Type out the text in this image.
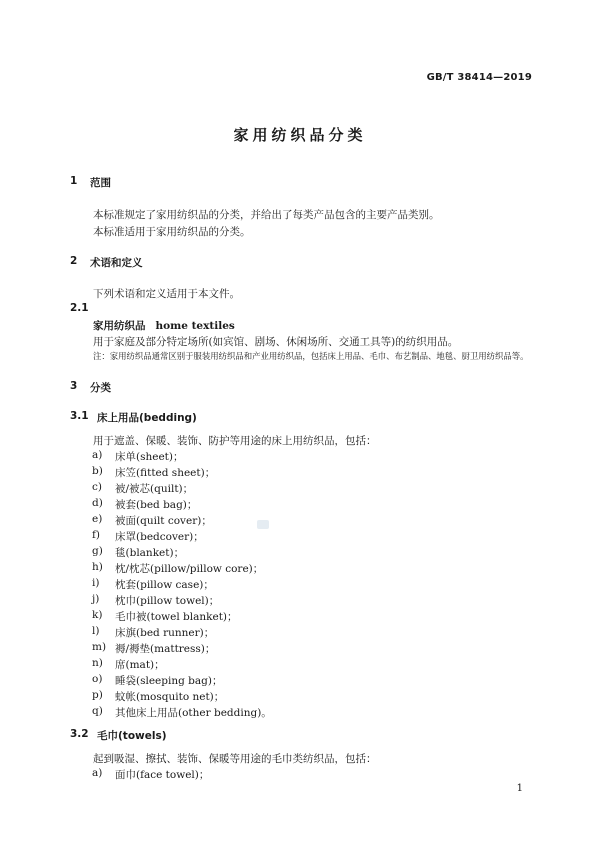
GB/T 38414—2019
家用纺织品分类
1 范围
本标准规定了家用纺织品的分类，并给出了每类产品包含的主要产品类别。
本标准适用于家用纺织品的分类。
2 术语和定义
下列术语和定义适用于本文件。
2.1
家用纺织品 home textiles
用于家庭及部分特定场所(如宾馆、剧场、休闲场所、交通工具等)的纺织用品。
注：家用纺织品通常区别于服装用纺织品和产业用纺织品，包括床上用品、毛巾、布艺制品、地毯、厨卫用纺织品等。
3 分类
3.1 床上用品(bedding)
用于遮盖、保暖、装饰、防护等用途的床上用纺织品，包括：
a) 床单(sheet)；
b) 床笠(fitted sheet)；
c) 被/被芯(quilt)；
d) 被套(bed bag)；
e) 被面(quilt cover)；
f) 床罩(bedcover)；
g) 毯(blanket)；
h) 枕/枕芯(pillow/pillow core)；
i) 枕套(pillow case)；
j) 枕巾(pillow towel)；
k) 毛巾被(towel blanket)；
l) 床旗(bed runner)；
m) 褥/褥垫(mattress)；
n) 席(mat)；
o) 睡袋(sleeping bag)；
p) 蚊帐(mosquito net)；
q) 其他床上用品(other bedding)。
3.2 毛巾(towels)
起到吸湿、擦拭、装饰、保暖等用途的毛巾类纺织品，包括：
a) 面巾(face towel)；
1
